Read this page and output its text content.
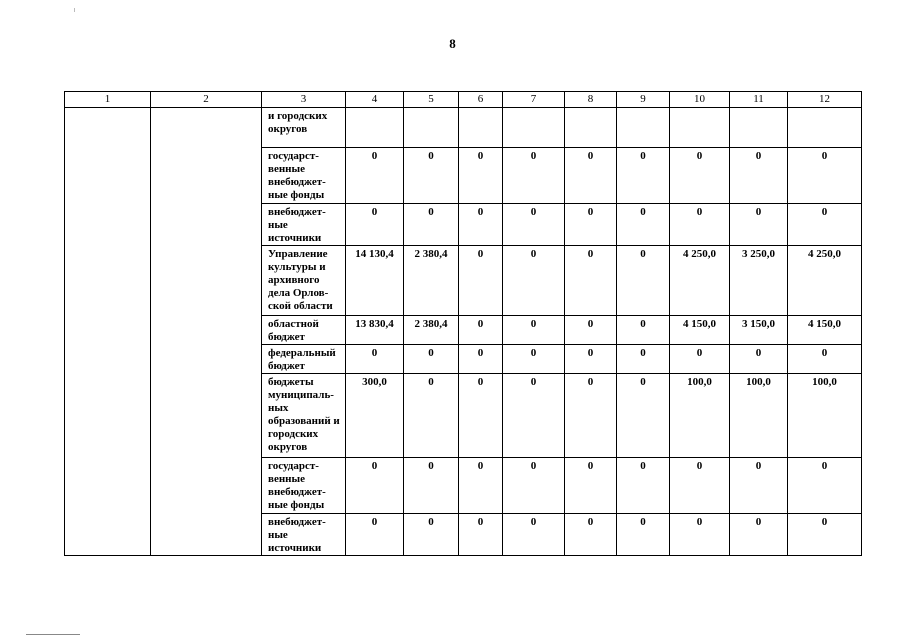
8
1	2	3	4	5	6	7	8	9	10	11	12
		и городских округов									
		государст-венные внебюджет-ные фонды	0	0	0	0	0	0	0	0	0
		внебюджет-ные источники	0	0	0	0	0	0	0	0	0
		Управление культуры и архивного дела Орлов-ской области	14 130,4	2 380,4	0	0	0	0	4 250,0	3 250,0	4 250,0
		областной бюджет	13 830,4	2 380,4	0	0	0	0	4 150,0	3 150,0	4 150,0
		федеральный бюджет	0	0	0	0	0	0	0	0	0
		бюджеты муниципаль-ных образований и городских округов	300,0	0	0	0	0	0	100,0	100,0	100,0
		государст-венные внебюджет-ные фонды	0	0	0	0	0	0	0	0	0
		внебюджет-ные источники	0	0	0	0	0	0	0	0	0
